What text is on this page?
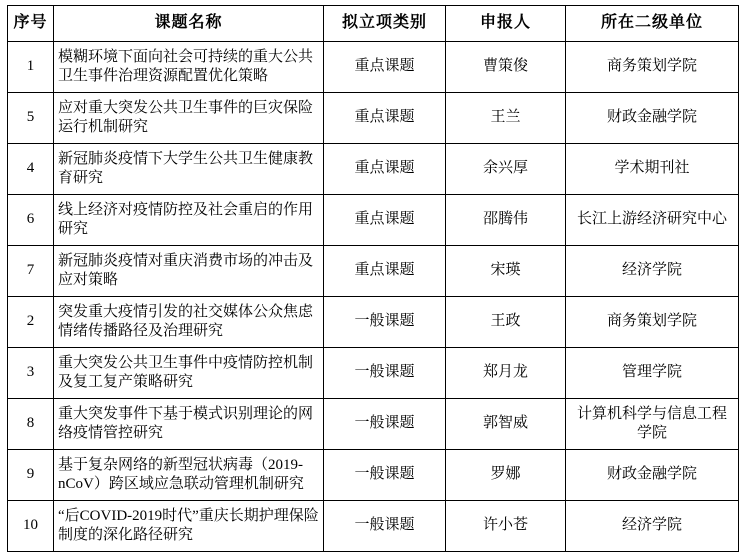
序号	课题名称	拟立项类别	申报人	所在二级单位
1	模糊环境下面向社会可持续的重大公共卫生事件治理资源配置优化策略	重点课题	曹策俊	商务策划学院
5	应对重大突发公共卫生事件的巨灾保险运行机制研究	重点课题	王兰	财政金融学院
4	新冠肺炎疫情下大学生公共卫生健康教育研究	重点课题	余兴厚	学术期刊社
6	线上经济对疫情防控及社会重启的作用研究	重点课题	邵腾伟	长江上游经济研究中心
7	新冠肺炎疫情对重庆消费市场的冲击及应对策略	重点课题	宋瑛	经济学院
2	突发重大疫情引发的社交媒体公众焦虑情绪传播路径及治理研究	一般课题	王政	商务策划学院
3	重大突发公共卫生事件中疫情防控机制及复工复产策略研究	一般课题	郑月龙	管理学院
8	重大突发事件下基于模式识别理论的网络疫情管控研究	一般课题	郭智威	计算机科学与信息工程学院
9	基于复杂网络的新型冠状病毒（2019-nCoV）跨区域应急联动管理机制研究	一般课题	罗娜	财政金融学院
10	“后COVID-2019时代”重庆长期护理保险制度的深化路径研究	一般课题	许小苍	经济学院
